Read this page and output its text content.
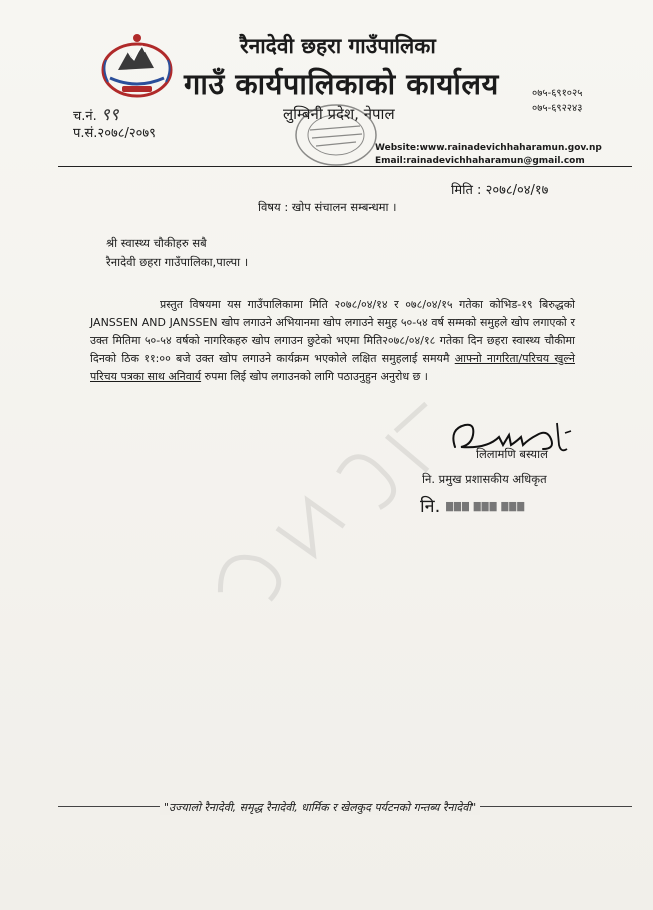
रैनादेवी छहरा गाउँपालिका
गाउँ कार्यपालिकाको कार्यालय
लुम्बिनी प्रदेश, नेपाल
०७५-६९१०२५
०७५-६९२२४३
च.नं. ९९
प.सं.२०७८/२०७९
Website:www.rainadevichhaharamun.gov.np
Email:rainadevichhaharamun@gmail.com
मिति : २०७८/०४/१७
विषय : खोप संचालन सम्बन्धमा ।
श्री स्वास्थ्य चौकीहरु सबै
रैनादेवी छहरा गाउँपालिका,पाल्पा ।
प्रस्तुत विषयमा यस गाउँपालिकामा मिति २०७८/०४/१४ र ०७८/०४/१५ गतेका कोभिड-१९ बिरुद्धको JANSSEN AND JANSSEN खोप लगाउने अभियानमा खोप लगाउने समुह ५०-५४ वर्ष सम्मको समुहले खोप लगाएको र उक्त मितिमा ५०-५४ वर्षको नागरिकहरु खोप लगाउन छुटेको भएमा मिति२०७८/०४/१८ गतेका दिन छहरा स्वास्थ्य चौकीमा दिनको ठिक ११:०० बजे उक्त खोप लगाउने कार्यक्रम भएकोले लक्षित समुहलाई समयमै आफ्नो नागरिता/परिचय खुल्ने परिचय पत्रका साथ अनिवार्य रुपमा लिई खोप लगाउनको लागि पठाउनुहुन अनुरोध छ ।
लिलामणि बस्याल
नि. प्रमुख प्रशासकीय अधिकृत
नि. ▇▇▇ ▇▇▇ ▇▇▇
"उज्यालो रैनादेवी, समृद्ध रैनादेवी, धार्मिक र खेलकुद पर्यटनको गन्तब्य रैनादेवी"
